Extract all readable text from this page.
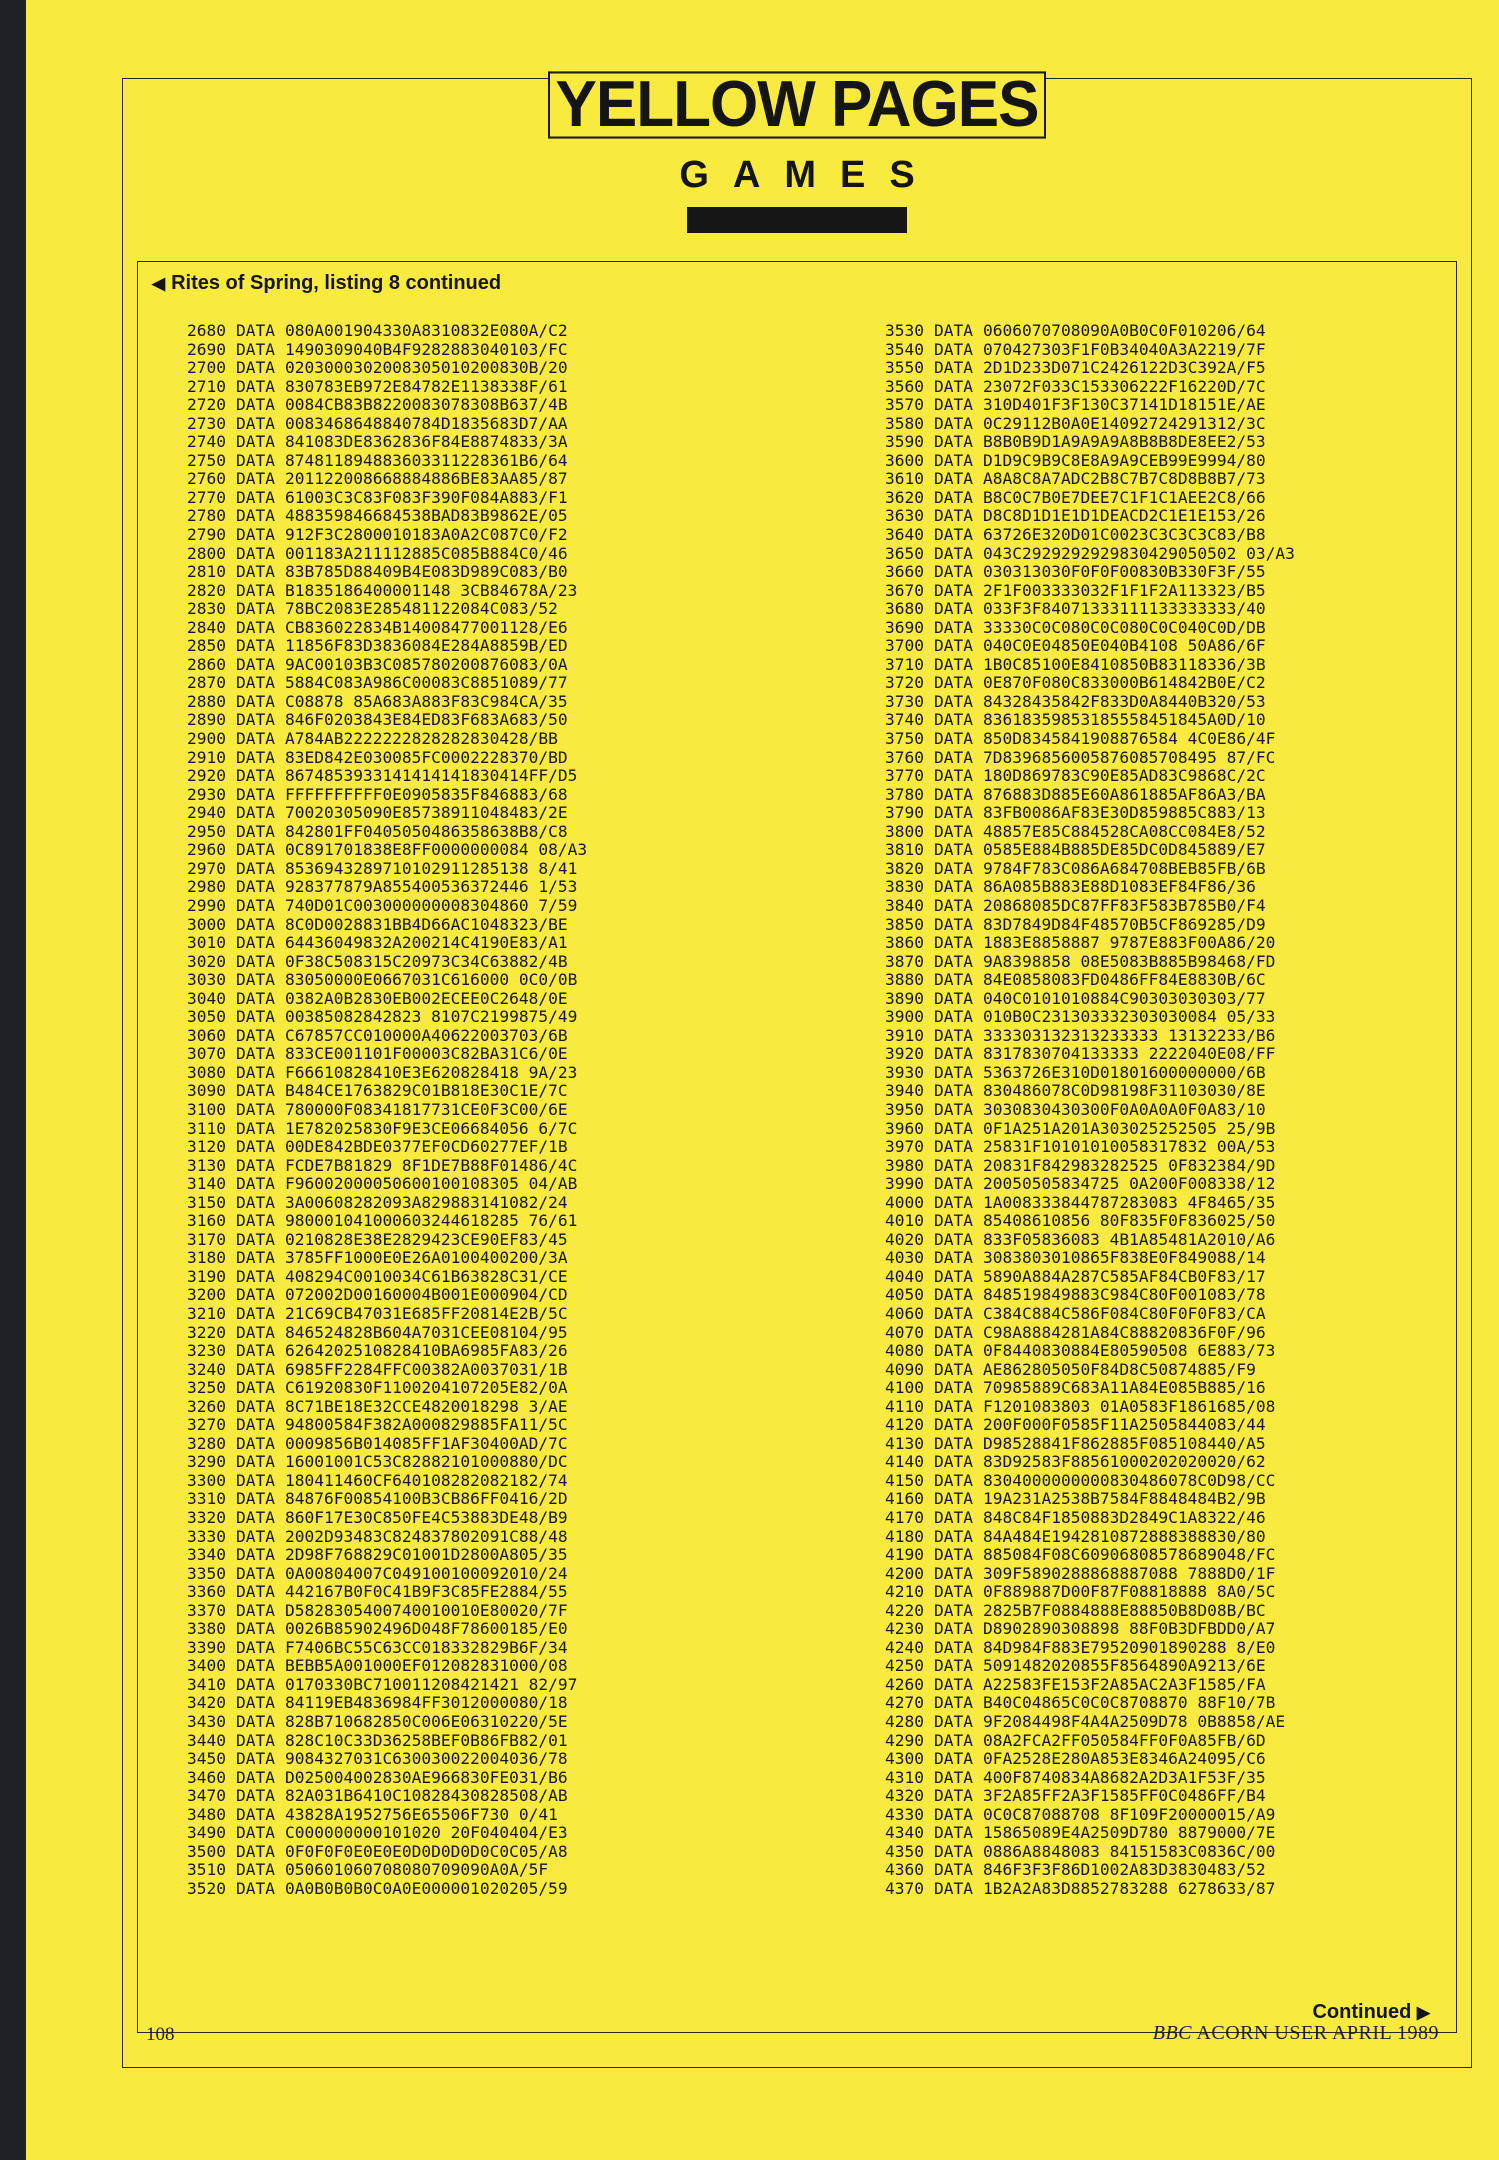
YELLOW PAGES
GAMES
◀ Rites of Spring, listing 8 continued
2680 DATA 080A001904330A8310832E080A/C2
2690 DATA 1490309040B4F9282883040103/FC
2700 DATA 0203000302008305010200830B/20
2710 DATA 830783EB972E84782E1138338F/61
2720 DATA 0084CB83B8220083078308B637/4B
2730 DATA 0083468648840784D1835683D7/AA
2740 DATA 841083DE8362836F84E8874833/3A
2750 DATA 874811894883603311228361B6/64
2760 DATA 201122008668884886BE83AA85/87
2770 DATA 61003C3C83F083F390F084A883/F1
2780 DATA 488359846684538BAD83B9862E/05
2790 DATA 912F3C2800010183A0A2C087C0/F2
2800 DATA 001183A211112885C085B884C0/46
2810 DATA 83B785D88409B4E083D989C083/B0
2820 DATA B1835186400001148 3CB84678A/23
2830 DATA 78BC2083E285481122084C083/52
2840 DATA CB836022834B14008477001128/E6
2850 DATA 11856F83D3836084E284A8859B/ED
2860 DATA 9AC00103B3C085780200876083/0A
2870 DATA 5884C083A986C00083C8851089/77
2880 DATA C08878 85A683A883F83C984CA/35
2890 DATA 846F0203843E84ED83F683A683/50
2900 DATA A784AB2222222828282830428/BB
2910 DATA 83ED842E030085FC0002228370/BD
2920 DATA 8674853933141414141830414FF/D5
2930 DATA FFFFFFFFFF0E0905835F846883/68
2940 DATA 70020305090E85738911048483/2E
2950 DATA 842801FF0405050486358638B8/C8
2960 DATA 0C891701838E8FF0000000084 08/A3
2970 DATA 8536943289710102911285138 8/41
2980 DATA 928377879A855400536372446 1/53
2990 DATA 740D01C003000000008304860 7/59
3000 DATA 8C0D0028831BB4D66AC1048323/BE
3010 DATA 64436049832A200214C4190E83/A1
3020 DATA 0F38C508315C20973C34C63882/4B
3030 DATA 83050000E0667031C616000 0C0/0B
3040 DATA 0382A0B2830EB002ECEE0C2648/0E
3050 DATA 00385082842823 8107C2199875/49
3060 DATA C67857CC010000A40622003703/6B
3070 DATA 833CE001101F00003C82BA31C6/0E
3080 DATA F66610828410E3E620828418 9A/23
3090 DATA B484CE1763829C01B818E30C1E/7C
3100 DATA 780000F08341817731CE0F3C00/6E
3110 DATA 1E782025830F9E3CE06684056 6/7C
3120 DATA 00DE842BDE0377EF0CD60277EF/1B
3130 DATA FCDE7B81829 8F1DE7B88F01486/4C
3140 DATA F96002000050600100108305 04/AB
3150 DATA 3A00608282093A829883141082/24
3160 DATA 980001041000603244618285 76/61
3170 DATA 0210828E38E2829423CE90EF83/45
3180 DATA 3785FF1000E0E26A0100400200/3A
3190 DATA 408294C0010034C61B63828C31/CE
3200 DATA 072002D00160004B001E000904/CD
3210 DATA 21C69CB47031E685FF20814E2B/5C
3220 DATA 846524828B604A7031CEE08104/95
3230 DATA 6264202510828410BA6985FA83/26
3240 DATA 6985FF2284FFC00382A0037031/1B
3250 DATA C61920830F1100204107205E82/0A
3260 DATA 8C71BE18E32CCE4820018298 3/AE
3270 DATA 94800584F382A000829885FA11/5C
3280 DATA 0009856B014085FF1AF30400AD/7C
3290 DATA 16001001C53C82882101000880/DC
3300 DATA 180411460CF640108282082182/74
3310 DATA 84876F00854100B3CB86FF0416/2D
3320 DATA 860F17E30C850FE4C53883DE48/B9
3330 DATA 2002D93483C824837802091C88/48
3340 DATA 2D98F768829C01001D2800A805/35
3350 DATA 0A00804007C049100100092010/24
3360 DATA 442167B0F0C41B9F3C85FE2884/55
3370 DATA D5828305400740010010E80020/7F
3380 DATA 0026B85902496D048F78600185/E0
3390 DATA F7406BC55C63CC018332829B6F/34
3400 DATA BEBB5A001000EF012082831000/08
3410 DATA 0170330BC710011208421421 82/97
3420 DATA 84119EB4836984FF3012000080/18
3430 DATA 828B710682850C006E06310220/5E
3440 DATA 828C10C33D36258BEF0B86FB82/01
3450 DATA 9084327031C630030022004036/78
3460 DATA D025004002830AE966830FE031/B6
3470 DATA 82A031B6410C10828430828508/AB
3480 DATA 43828A1952756E65506F730 0/41
3490 DATA C000000000101020 20F040404/E3
3500 DATA 0F0F0F0E0E0E0D0D0D0D0C0C05/A8
3510 DATA 050601060708080709090A0A/5F
3520 DATA 0A0B0B0B0C0A0E000001020205/59
3530 DATA 0606070708090A0B0C0F010206/64
3540 DATA 070427303F1F0B34040A3A2219/7F
3550 DATA 2D1D233D071C2426122D3C392A/F5
3560 DATA 23072F033C153306222F16220D/7C
3570 DATA 310D401F3F130C37141D18151E/AE
3580 DATA 0C29112B0A0E14092724291312/3C
3590 DATA B8B0B9D1A9A9A9A8B8B8DE8EE2/53
3600 DATA D1D9C9B9C8E8A9A9CEB99E9994/80
3610 DATA A8A8C8A7ADC2B8C7B7C8D8B8B7/73
3620 DATA B8C0C7B0E7DEE7C1F1C1AEE2C8/66
3630 DATA D8C8D1D1E1D1DEACD2C1E1E153/26
3640 DATA 63726E320D01C0023C3C3C3C83/B8
3650 DATA 043C2929292929830429050502 03/A3
3660 DATA 030313030F0F0F00830B330F3F/55
3670 DATA 2F1F003333032F1F1F2A113323/B5
3680 DATA 033F3F84071333111133333333/40
3690 DATA 33330C0C080C0C080C0C040C0D/DB
3700 DATA 040C0E04850E040B4108 50A86/6F
3710 DATA 1B0C85100E8410850B83118336/3B
3720 DATA 0E870F080C833000B614842B0E/C2
3730 DATA 84328435842F833D0A8440B320/53
3740 DATA 83618359853185558451845A0D/10
3750 DATA 850D8345841908876584 4C0E86/4F
3760 DATA 7D8396856005876085708495 87/FC
3770 DATA 180D869783C90E85AD83C9868C/2C
3780 DATA 876883D885E60A861885AF86A3/BA
3790 DATA 83FB0086AF83E30D859885C883/13
3800 DATA 48857E85C884528CA08CC084E8/52
3810 DATA 0585E884B885DE85DC0D845889/E7
3820 DATA 9784F783C086A684708BEB85FB/6B
3830 DATA 86A085B883E88D1083EF84F86/36
3840 DATA 20868085DC87FF83F583B785B0/F4
3850 DATA 83D7849D84F48570B5CF869285/D9
3860 DATA 1883E8858887 9787E883F00A86/20
3870 DATA 9A8398858 08E5083B885B98468/FD
3880 DATA 84E0858083FD0486FF84E8830B/6C
3890 DATA 040C0101010884C90303030303/77
3900 DATA 010B0C231303332303030084 05/33
3910 DATA 333303132313233333 13132233/B6
3920 DATA 8317830704133333 2222040E08/FF
3930 DATA 5363726E310D01801600000000/6B
3940 DATA 830486078C0D98198F31103030/8E
3950 DATA 3030830430300F0A0A0A0F0A83/10
3960 DATA 0F1A251A201A303025252505 25/9B
3970 DATA 25831F10101010058317832 00A/53
3980 DATA 20831F842983282525 0F832384/9D
3990 DATA 20050505834725 0A200F008338/12
4000 DATA 1A008333844787283083 4F8465/35
4010 DATA 85408610856 80F835F0F836025/50
4020 DATA 833F05836083 4B1A85481A2010/A6
4030 DATA 3083803010865F838E0F849088/14
4040 DATA 5890A884A287C585AF84CB0F83/17
4050 DATA 848519849883C984C80F001083/78
4060 DATA C384C884C586F084C80F0F0F83/CA
4070 DATA C98A8884281A84C88820836F0F/96
4080 DATA 0F8440830884E80590508 6E883/73
4090 DATA AE862805050F84D8C50874885/F9
4100 DATA 70985889C683A11A84E085B885/16
4110 DATA F1201083803 01A0583F1861685/08
4120 DATA 200F000F0585F11A2505844083/44
4130 DATA D98528841F862885F085108440/A5
4140 DATA 83D92583F88561000202020020/62
4150 DATA 8304000000000830486078C0D98/CC
4160 DATA 19A231A2538B7584F8848484B2/9B
4170 DATA 848C84F1850883D2849C1A8322/46
4180 DATA 84A484E1942810872888388830/80
4190 DATA 885084F08C60906808578689048/FC
4200 DATA 309F5890288868887088 7888D0/1F
4210 DATA 0F889887D00F87F08818888 8A0/5C
4220 DATA 2825B7F0884888E88850B8D08B/BC
4230 DATA D8902890308898 88F0B3DFBDD0/A7
4240 DATA 84D984F883E79520901890288 8/E0
4250 DATA 5091482020855F8564890A9213/6E
4260 DATA A22583FE153F2A85AC2A3F1585/FA
4270 DATA B40C04865C0C0C8708870 88F10/7B
4280 DATA 9F2084498F4A4A2509D78 0B8858/AE
4290 DATA 08A2FCA2FF050584FF0F0A85FB/6D
4300 DATA 0FA2528E280A853E8346A24095/C6
4310 DATA 400F8740834A8682A2D3A1F53F/35
4320 DATA 3F2A85FF2A3F1585FF0C0486FF/B4
4330 DATA 0C0C87088708 8F109F20000015/A9
4340 DATA 15865089E4A2509D780 8879000/7E
4350 DATA 0886A8848083 84151583C0836C/00
4360 DATA 846F3F3F86D1002A83D3830483/52
4370 DATA 1B2A2A83D8852783288 6278633/87
Continued ▶
108	BBC ACORN USER APRIL 1989
